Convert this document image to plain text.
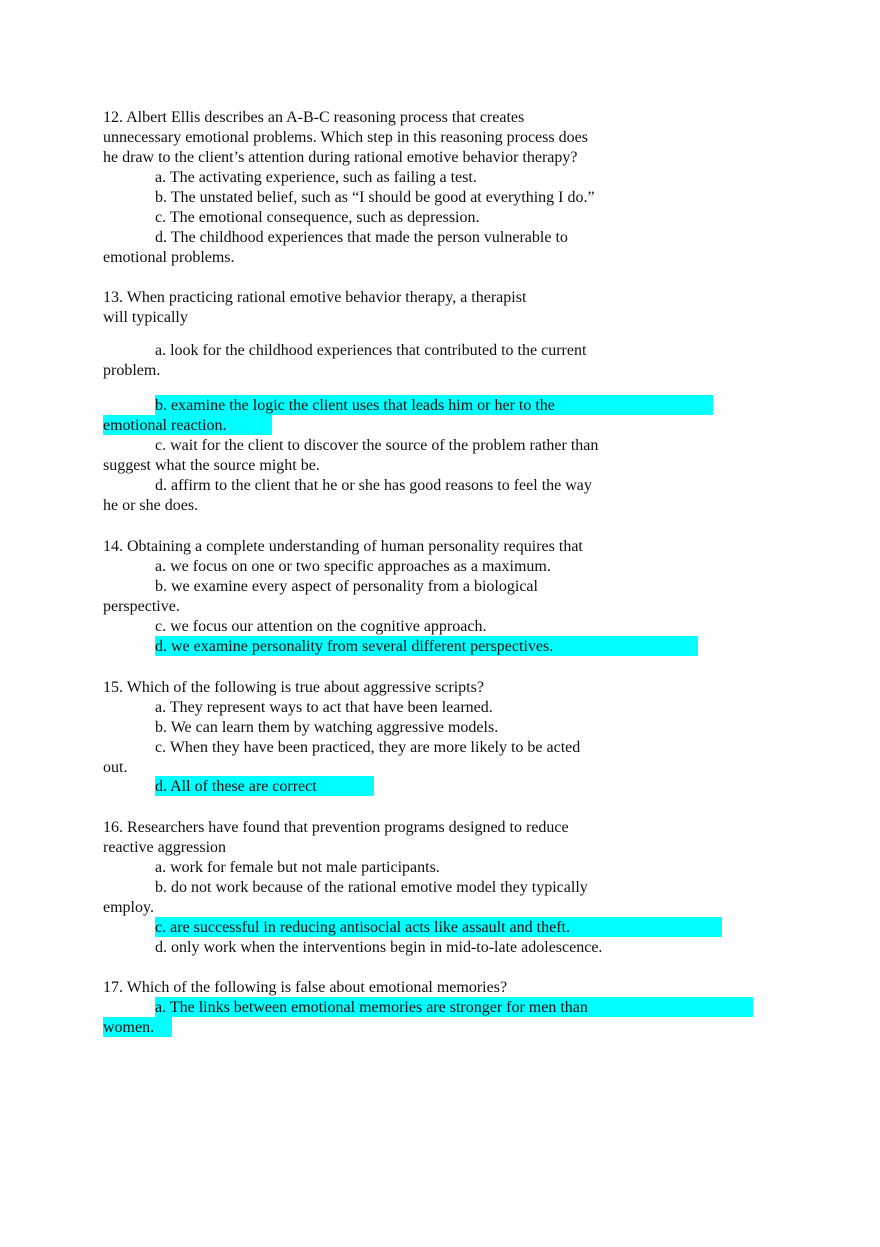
12. Albert Ellis describes an A-B-C reasoning process that creates
unnecessary emotional problems. Which step in this reasoning process does
he draw to the client’s attention during rational emotive behavior therapy?
a. The activating experience, such as failing a test.
b. The unstated belief, such as “I should be good at everything I do.”
c. The emotional consequence, such as depression.
d. The childhood experiences that made the person vulnerable to
emotional problems.
13. When practicing rational emotive behavior therapy, a therapist
will typically
a. look for the childhood experiences that contributed to the current
problem.
b. examine the logic the client uses that leads him or her to the
emotional reaction.
c. wait for the client to discover the source of the problem rather than
suggest what the source might be.
d. affirm to the client that he or she has good reasons to feel the way
he or she does.
14. Obtaining a complete understanding of human personality requires that
a. we focus on one or two specific approaches as a maximum.
b. we examine every aspect of personality from a biological
perspective.
c. we focus our attention on the cognitive approach.
d. we examine personality from several different perspectives.
15. Which of the following is true about aggressive scripts?
a. They represent ways to act that have been learned.
b. We can learn them by watching aggressive models.
c. When they have been practiced, they are more likely to be acted
out.
d. All of these are correct
16. Researchers have found that prevention programs designed to reduce
reactive aggression
a. work for female but not male participants.
b. do not work because of the rational emotive model they typically
employ.
c. are successful in reducing antisocial acts like assault and theft.
d. only work when the interventions begin in mid-to-late adolescence.
17. Which of the following is false about emotional memories?
a. The links between emotional memories are stronger for men than
women.
